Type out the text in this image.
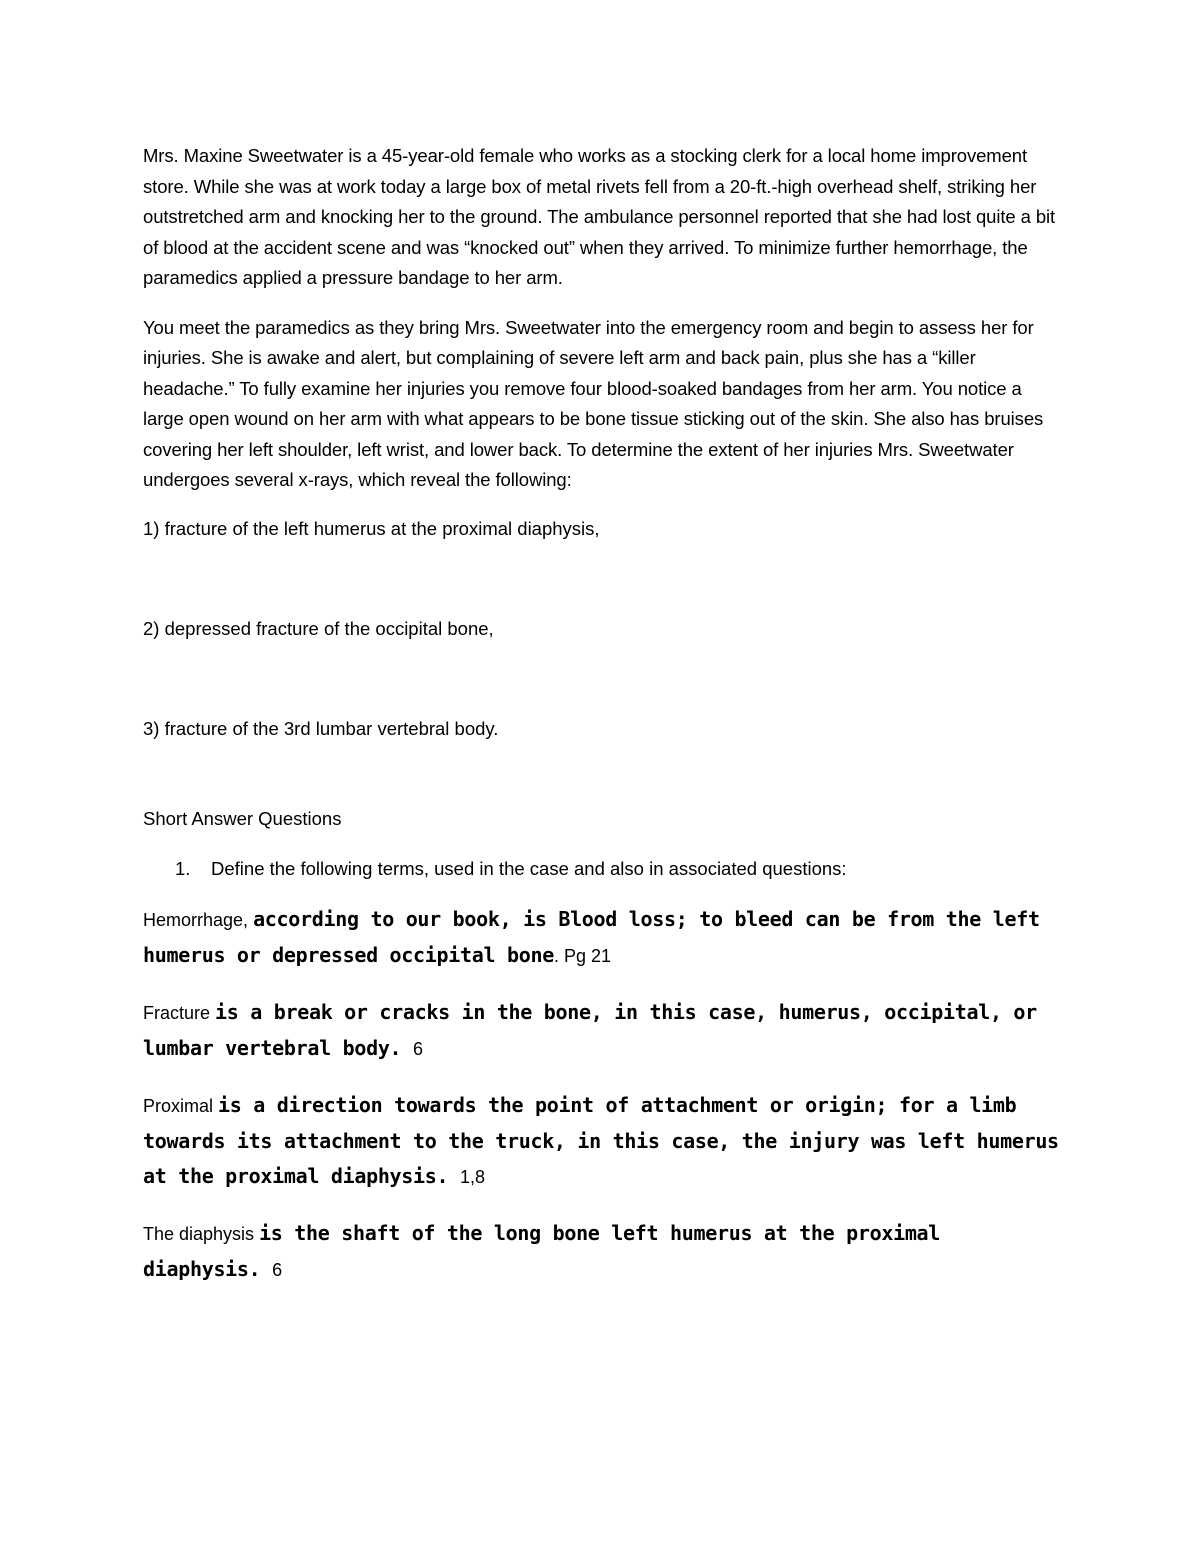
Mrs. Maxine Sweetwater is a 45-year-old female who works as a stocking clerk for a local home improvement store. While she was at work today a large box of metal rivets fell from a 20-ft.-high overhead shelf, striking her outstretched arm and knocking her to the ground. The ambulance personnel reported that she had lost quite a bit of blood at the accident scene and was “knocked out” when they arrived. To minimize further hemorrhage, the paramedics applied a pressure bandage to her arm.

You meet the paramedics as they bring Mrs. Sweetwater into the emergency room and begin to assess her for injuries. She is awake and alert, but complaining of severe left arm and back pain, plus she has a “killer headache.” To fully examine her injuries you remove four blood-soaked bandages from her arm. You notice a large open wound on her arm with what appears to be bone tissue sticking out of the skin. She also has bruises covering her left shoulder, left wrist, and lower back. To determine the extent of her injuries Mrs. Sweetwater undergoes several x-rays, which reveal the following:

1) fracture of the left humerus at the proximal diaphysis,

2) depressed fracture of the occipital bone,

3) fracture of the 3rd lumbar vertebral body.

Short Answer Questions

1.	Define the following terms, used in the case and also in associated questions:

Hemorrhage, according to our book, is Blood loss; to bleed can be from the left humerus or depressed occipital bone. Pg 21

Fracture is a break or cracks in the bone, in this case, humerus, occipital, or lumbar vertebral body. 6

Proximal is a direction towards the point of attachment or origin; for a limb towards its attachment to the truck, in this case, the injury was left humerus at the proximal diaphysis. 1,8

The diaphysis is the shaft of the long bone left humerus at the proximal diaphysis. 6
